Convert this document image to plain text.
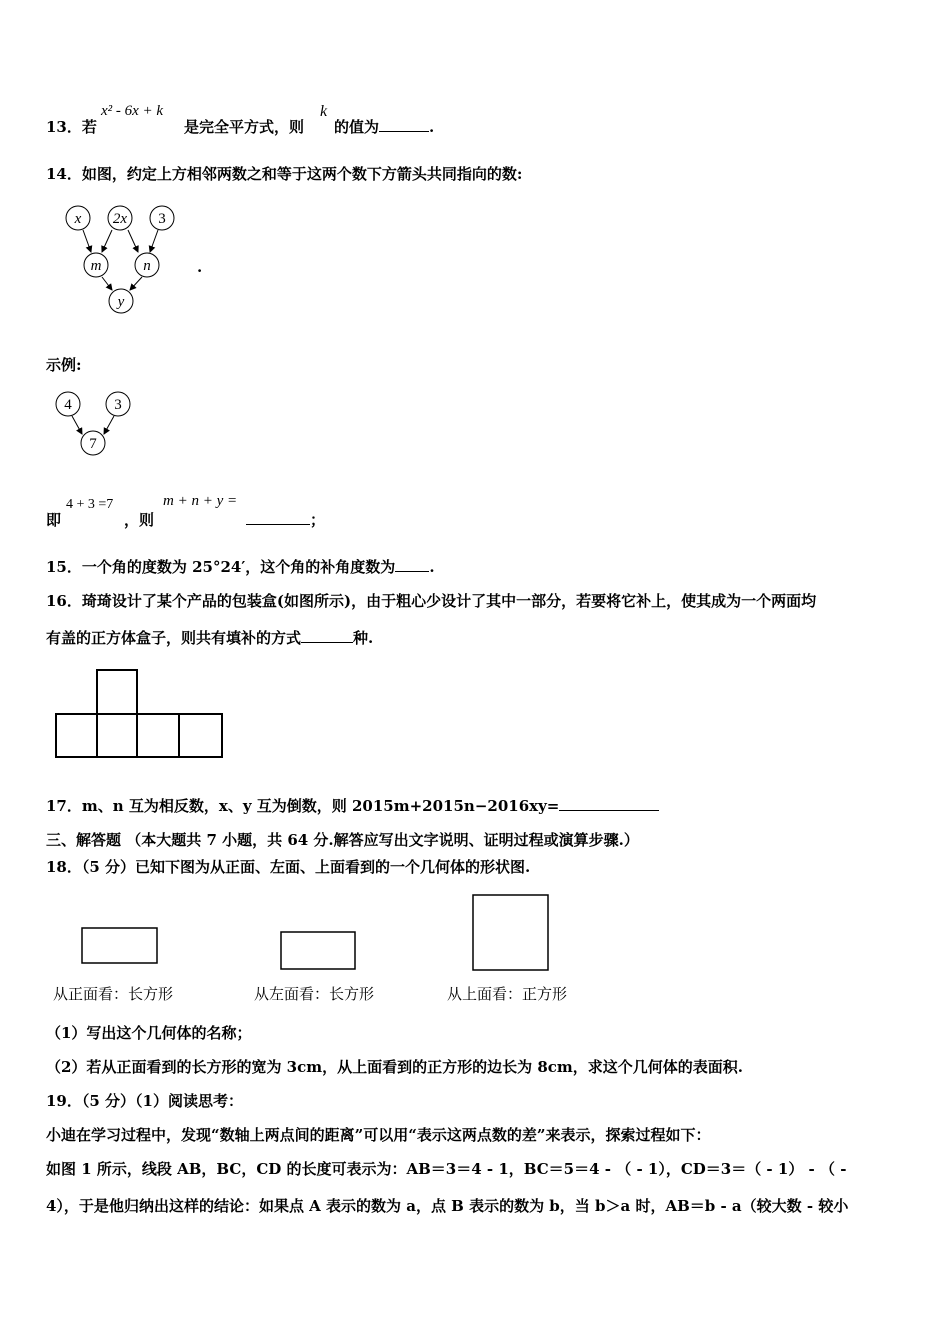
13．若
x² - 6x + k
是完全平方式，则
k
的值为	.
14．如图，约定上方相邻两数之和等于这两个数下方箭头共同指向的数:
x 2x 3
m	n
y
.
示例:
4	3
7
即
4 + 3 =7
，则
m + n + y =
；
15．一个角的度数为 25°24′，这个角的补角度数为 .
16．琦琦设计了某个产品的包装盒(如图所示)，由于粗心少设计了其中一部分，若要将它补上，使其成为一个两面均
有盖的正方体盒子，则共有填补的方式	种.
17．m、n 互为相反数，x、y 互为倒数，则 2015m+2015n−2016xy=
三、解答题 （本大题共 7 小题，共 64 分.解答应写出文字说明、证明过程或演算步骤.）
18．（5 分）已知下图为从正面、左面、上面看到的一个几何体的形状图.
从正面看：长方形	从左面看：长方形	从上面看：正方形
（1）写出这个几何体的名称；
（2）若从正面看到的长方形的宽为 3cm，从上面看到的正方形的边长为 8cm，求这个几何体的表面积.
19．（5 分）（1）阅读思考：
小迪在学习过程中，发现“数轴上两点间的距离”可以用“表示这两点数的差”来表示，探索过程如下：
如图 1 所示，线段 AB，BC，CD 的长度可表示为：AB＝3＝4 - 1，BC＝5＝4 - （ - 1），CD＝3＝（ - 1） - （ -
4），于是他归纳出这样的结论：如果点 A 表示的数为 a，点 B 表示的数为 b，当 b＞a 时，AB＝b - a（较大数 - 较小
